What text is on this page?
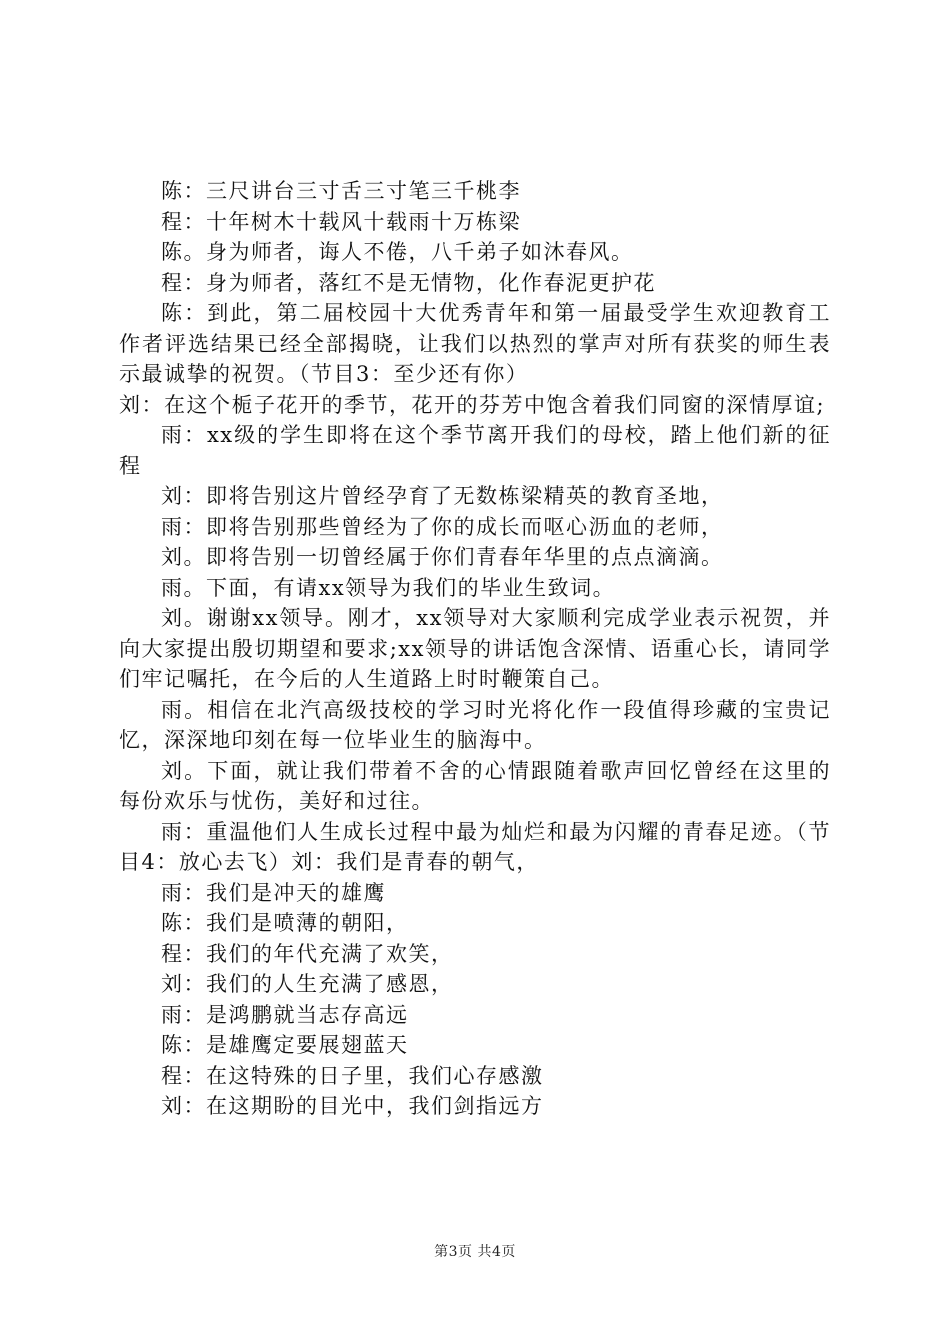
陈：三尺讲台三寸舌三寸笔三千桃李

程：十年树木十载风十载雨十万栋梁

陈。身为师者，诲人不倦，八千弟子如沐春风。

程：身为师者，落红不是无情物，化作春泥更护花

陈：到此，第二届校园十大优秀青年和第一届最受学生欢迎教育工作者评选结果已经全部揭晓，让我们以热烈的掌声对所有获奖的师生表示最诚挚的祝贺。（节目3：至少还有你）

刘：在这个栀子花开的季节，花开的芬芳中饱含着我们同窗的深情厚谊;

雨：xx级的学生即将在这个季节离开我们的母校，踏上他们新的征程

刘：即将告别这片曾经孕育了无数栋梁精英的教育圣地，

雨：即将告别那些曾经为了你的成长而呕心沥血的老师，

刘。即将告别一切曾经属于你们青春年华里的点点滴滴。

雨。下面，有请xx领导为我们的毕业生致词。

刘。谢谢xx领导。刚才，xx领导对大家顺利完成学业表示祝贺，并向大家提出殷切期望和要求;xx领导的讲话饱含深情、语重心长，请同学们牢记嘱托，在今后的人生道路上时时鞭策自己。

雨。相信在北汽高级技校的学习时光将化作一段值得珍藏的宝贵记忆，深深地印刻在每一位毕业生的脑海中。

刘。下面，就让我们带着不舍的心情跟随着歌声回忆曾经在这里的每份欢乐与忧伤，美好和过往。

雨：重温他们人生成长过程中最为灿烂和最为闪耀的青春足迹。（节目4：放心去飞）刘：我们是青春的朝气，

雨：我们是冲天的雄鹰

陈：我们是喷薄的朝阳，

程：我们的年代充满了欢笑，

刘：我们的人生充满了感恩，

雨：是鸿鹏就当志存高远

陈：是雄鹰定要展翅蓝天

程：在这特殊的日子里，我们心存感激

刘：在这期盼的目光中，我们剑指远方

第3页 共4页
